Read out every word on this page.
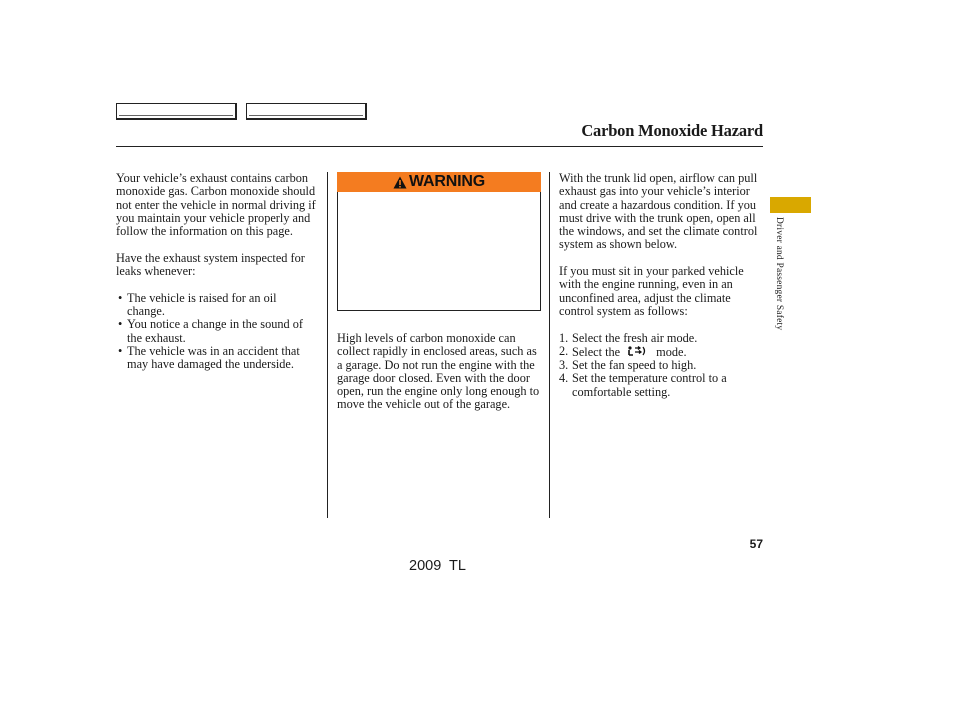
Carbon Monoxide Hazard

Your vehicle’s exhaust contains carbon monoxide gas. Carbon monoxide should not enter the vehicle in normal driving if you maintain your vehicle properly and follow the information on this page.

Have the exhaust system inspected for leaks whenever:

• The vehicle is raised for an oil change.
• You notice a change in the sound of the exhaust.
• The vehicle was in an accident that may have damaged the underside.
WARNING

High levels of carbon monoxide can collect rapidly in enclosed areas, such as a garage. Do not run the engine with the garage door closed. Even with the door open, run the engine only long enough to move the vehicle out of the garage.

With the trunk lid open, airflow can pull exhaust gas into your vehicle’s interior and create a hazardous condition. If you must drive with the trunk open, open all the windows, and set the climate control system as shown below.

If you must sit in your parked vehicle with the engine running, even in an unconfined area, adjust the climate control system as follows:

1. Select the fresh air mode.
2. Select the	mode.
3. Set the fan speed to high.
4. Set the temperature control to a comfortable setting.
Driver and Passenger Safety
57
2009  TL
